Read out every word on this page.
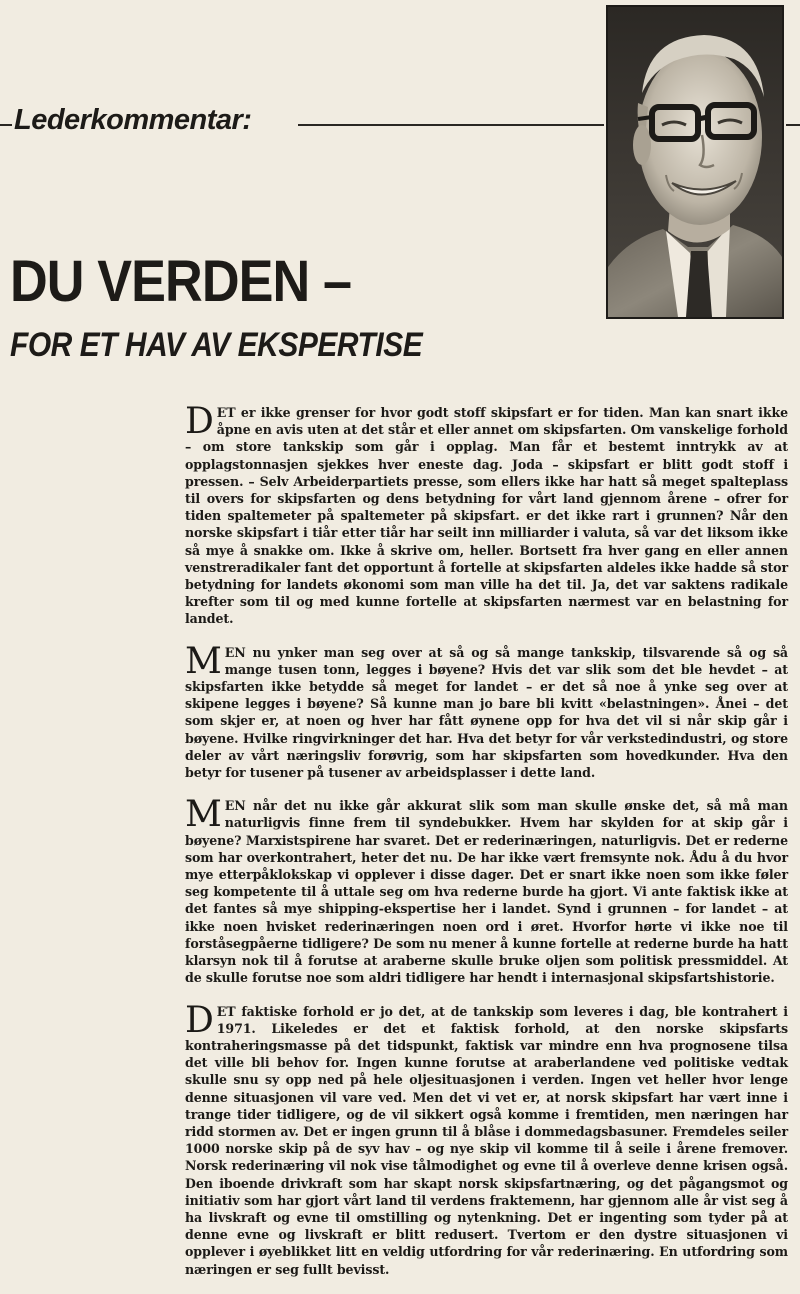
Lederkommentar:
DU VERDEN –
FOR ET HAV AV EKSPERTISE

DET er ikke grenser for hvor godt stoff skipsfart er for tiden. Man kan snart ikke åpne en avis uten at det står et eller annet om skipsfarten. Om vanskelige forhold – om store tankskip som går i opplag. Man får et bestemt inntrykk av at opplagstonnasjen sjekkes hver eneste dag. Joda – skipsfart er blitt godt stoff i pressen. – Selv Arbeiderpartiets presse, som ellers ikke har hatt så meget spalteplass til overs for skipsfarten og dens betydning for vårt land gjennom årene – ofrer for tiden spaltemeter på spaltemeter på skipsfart. er det ikke rart i grunnen? Når den norske skipsfart i tiår etter tiår har seilt inn milliarder i valuta, så var det liksom ikke så mye å snakke om. Ikke å skrive om, heller. Bortsett fra hver gang en eller annen venstreradikaler fant det opportunt å fortelle at skipsfarten aldeles ikke hadde så stor betydning for landets økonomi som man ville ha det til. Ja, det var saktens radikale krefter som til og med kunne fortelle at skipsfarten nærmest var en belastning for landet.

MEN nu ynker man seg over at så og så mange tankskip, tilsvarende så og så mange tusen tonn, legges i bøyene? Hvis det var slik som det ble hevdet – at skipsfarten ikke betydde så meget for landet – er det så noe å ynke seg over at skipene legges i bøyene? Så kunne man jo bare bli kvitt «belastningen». Ånei – det som skjer er, at noen og hver har fått øynene opp for hva det vil si når skip går i bøyene. Hvilke ringvirkninger det har. Hva det betyr for vår verkstedindustri, og store deler av vårt næringsliv forøvrig, som har skipsfarten som hovedkunder. Hva den betyr for tusener på tusener av arbeidsplasser i dette land.

MEN når det nu ikke går akkurat slik som man skulle ønske det, så må man naturligvis finne frem til syndebukker. Hvem har skylden for at skip går i bøyene? Marxistspirene har svaret. Det er rederinæringen, naturligvis. Det er rederne som har overkontrahert, heter det nu. De har ikke vært fremsynte nok. Ådu å du hvor mye etterpåklokskap vi opplever i disse dager. Det er snart ikke noen som ikke føler seg kompetente til å uttale seg om hva rederne burde ha gjort. Vi ante faktisk ikke at det fantes så mye shipping-ekspertise her i landet. Synd i grunnen – for landet – at ikke noen hvisket rederinæringen noen ord i øret. Hvorfor hørte vi ikke noe til forståsegpåerne tidligere? De som nu mener å kunne fortelle at rederne burde ha hatt klarsyn nok til å forutse at araberne skulle bruke oljen som politisk pressmiddel. At de skulle forutse noe som aldri tidligere har hendt i internasjonal skipsfartshistorie.

DET faktiske forhold er jo det, at de tankskip som leveres i dag, ble kontrahert i 1971. Likeledes er det et faktisk forhold, at den norske skipsfarts kontraheringsmasse på det tidspunkt, faktisk var mindre enn hva prognosene tilsa det ville bli behov for. Ingen kunne forutse at araberlandene ved politiske vedtak skulle snu sy opp ned på hele oljesituasjonen i verden. Ingen vet heller hvor lenge denne situasjonen vil vare ved. Men det vi vet er, at norsk skipsfart har vært inne i trange tider tidligere, og de vil sikkert også komme i fremtiden, men næringen har ridd stormen av. Det er ingen grunn til å blåse i dommedagsbasuner. Fremdeles seiler 1000 norske skip på de syv hav – og nye skip vil komme til å seile i årene fremover. Norsk rederinæring vil nok vise tålmodighet og evne til å overleve denne krisen også. Den iboende drivkraft som har skapt norsk skipsfartnæring, og det pågangsmot og initiativ som har gjort vårt land til verdens fraktemenn, har gjennom alle år vist seg å ha livskraft og evne til omstilling og nytenkning. Det er ingenting som tyder på at denne evne og livskraft er blitt redusert. Tvertom er den dystre situasjonen vi opplever i øyeblikket litt en veldig utfordring for vår rederinæring. En utfordring som næringen er seg fullt bevisst.
